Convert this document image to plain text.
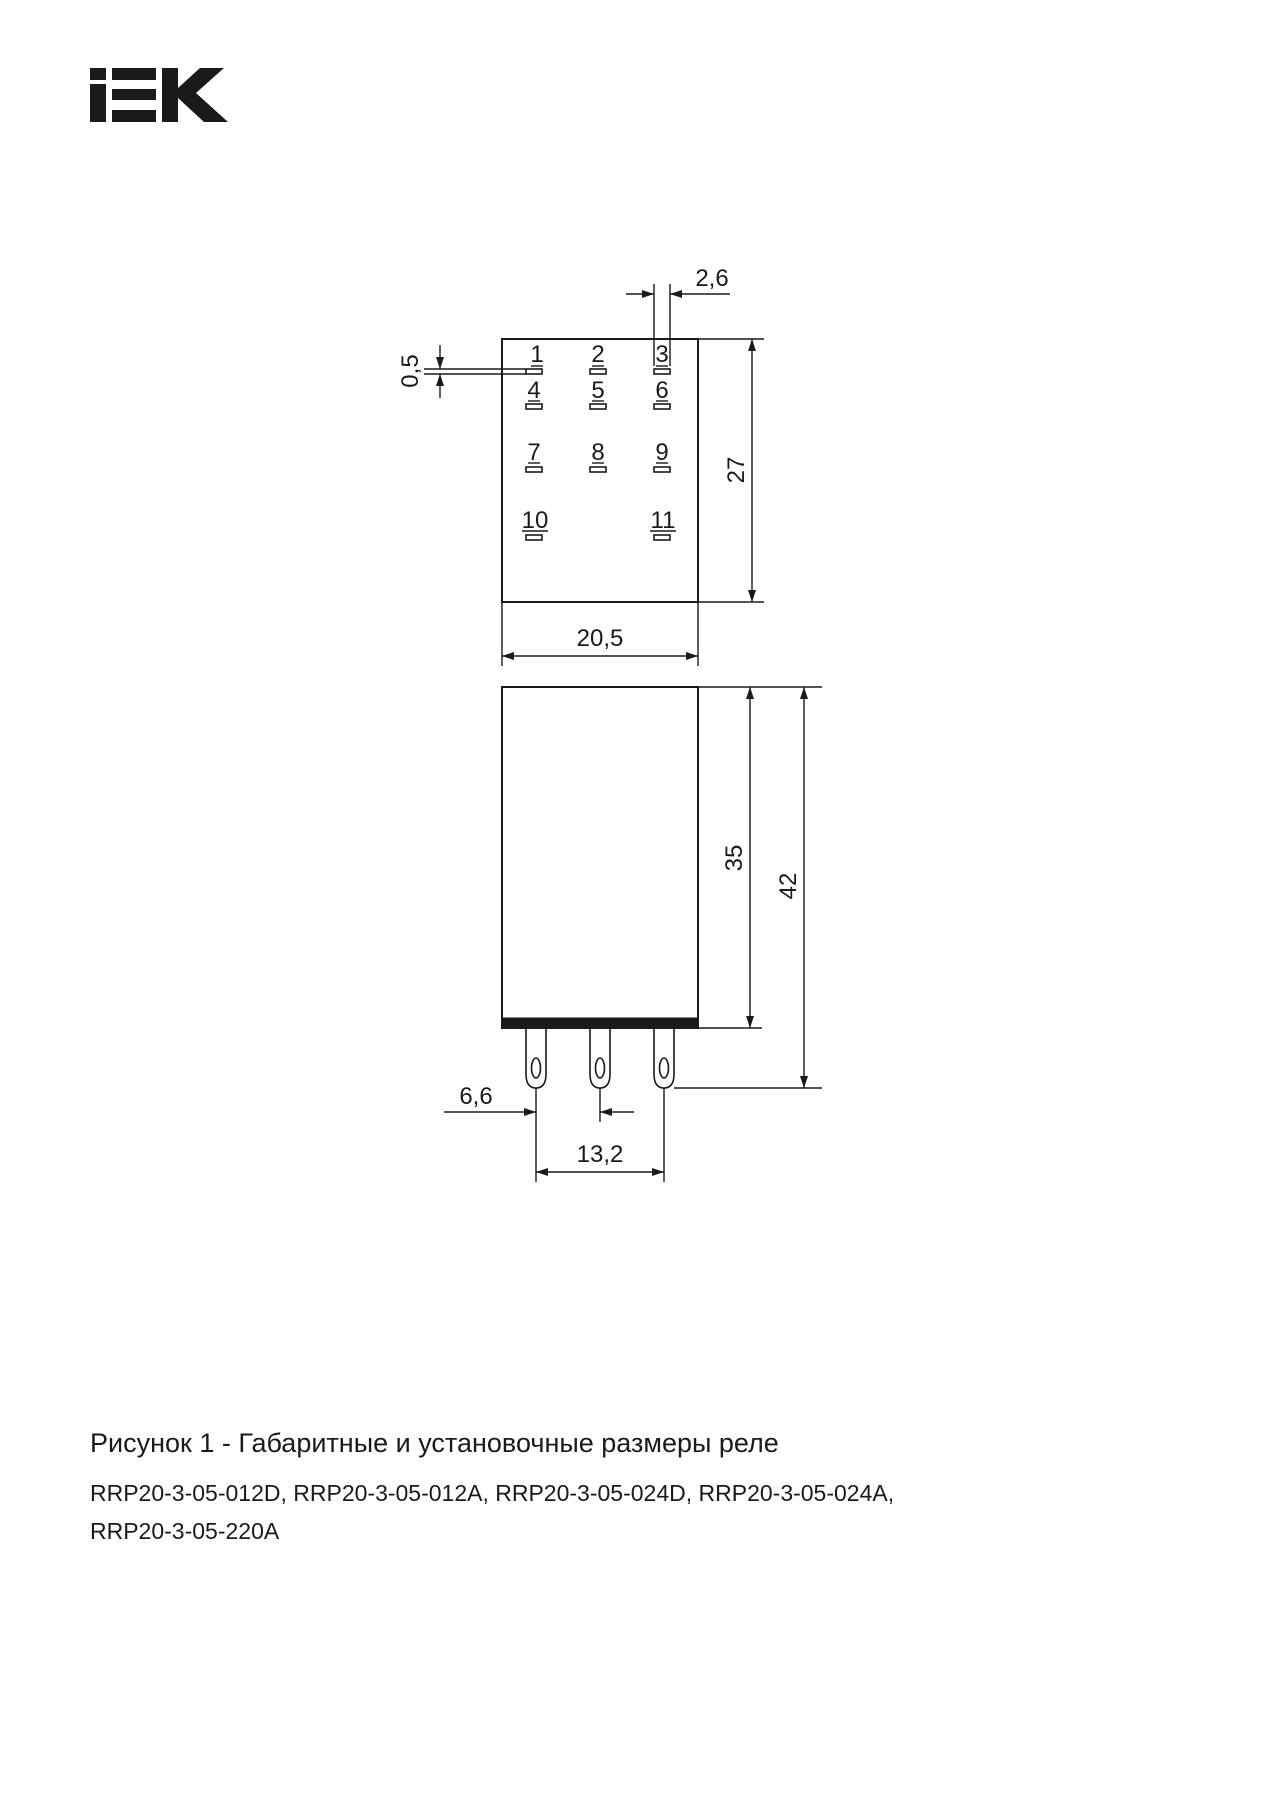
1 2 3
4 5 6
7 8 9
10	11
2,6
0,5
27
20,5
35
42
6,6
13,2
Рисунок 1 - Габаритные и установочные размеры реле
RRP20-3-05-012D, RRP20-3-05-012A, RRP20-3-05-024D, RRP20-3-05-024A,
RRP20-3-05-220A
